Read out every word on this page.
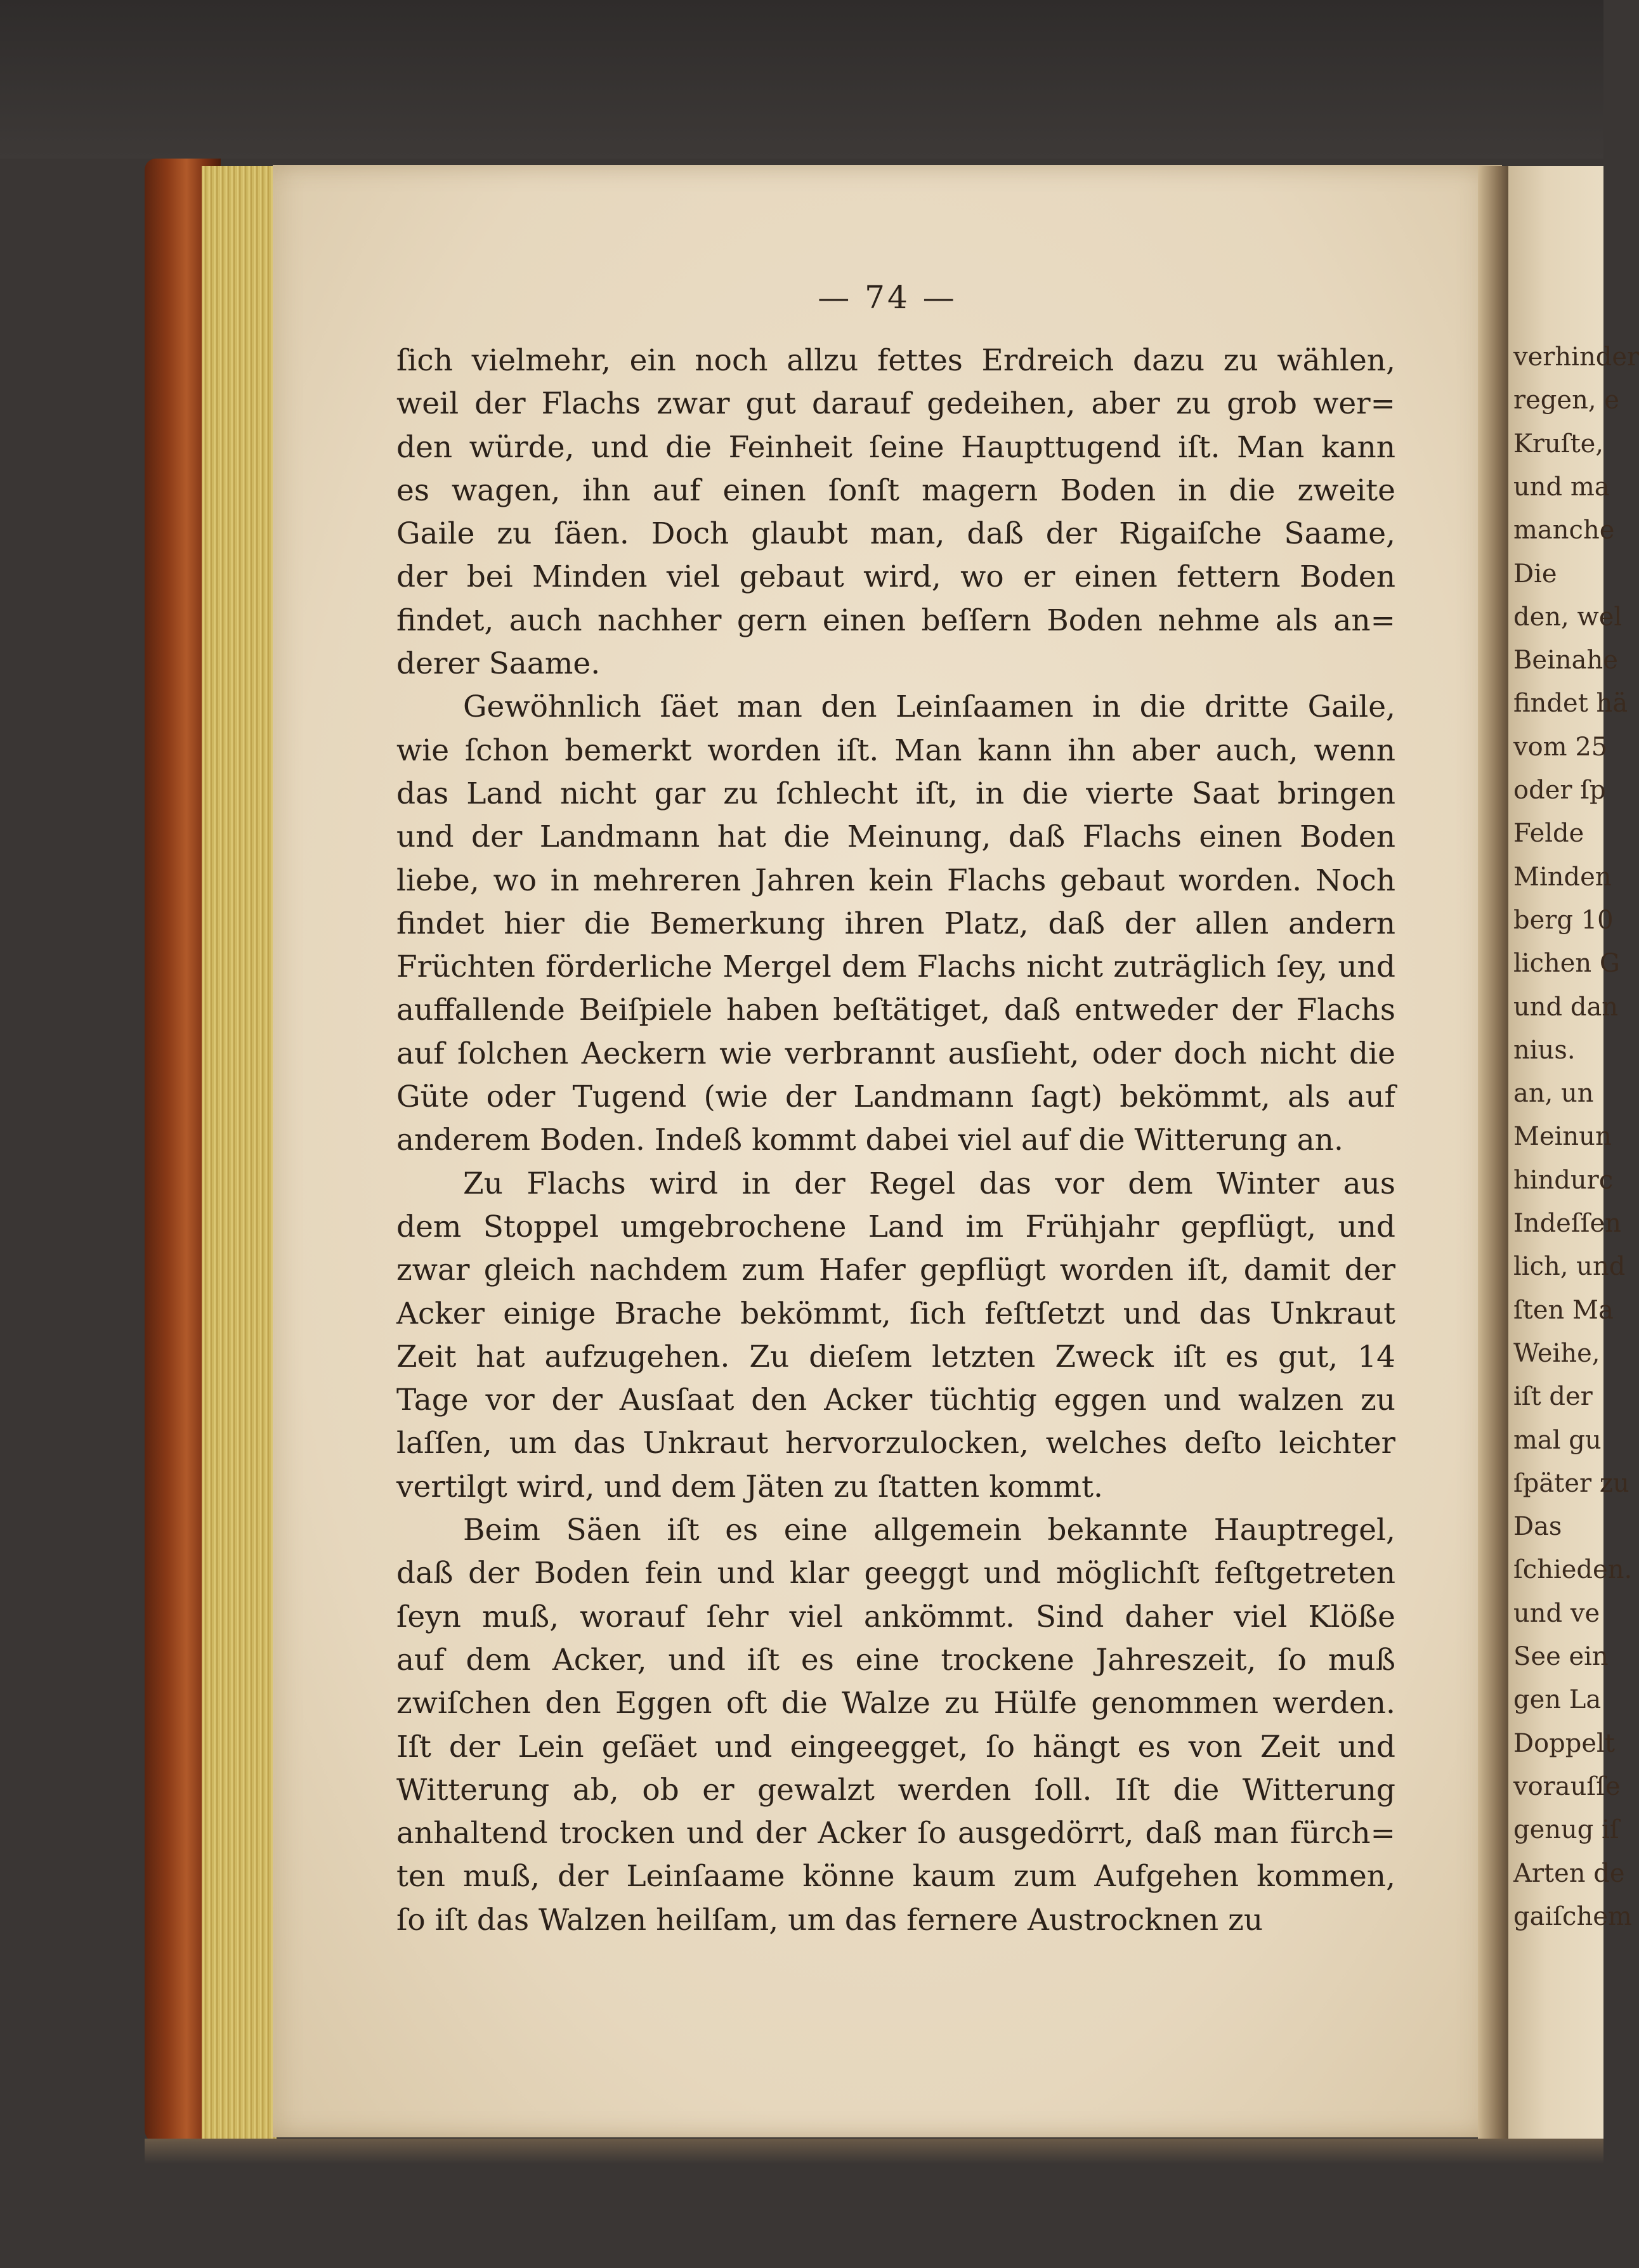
— 74 —
ſich vielmehr, ein noch allzu fettes Erdreich dazu zu wählen,
weil der Flachs zwar gut darauf gedeihen, aber zu grob wer=
den würde, und die Feinheit ſeine Haupttugend iſt. Man kann
es wagen, ihn auf einen ſonſt magern Boden in die zweite
Gaile zu ſäen. Doch glaubt man, daß der Rigaiſche Saame,
der bei Minden viel gebaut wird, wo er einen fettern Boden
findet, auch nachher gern einen beſſern Boden nehme als an=
derer Saame.
Gewöhnlich ſäet man den Leinſaamen in die dritte Gaile,
wie ſchon bemerkt worden iſt. Man kann ihn aber auch, wenn
das Land nicht gar zu ſchlecht iſt, in die vierte Saat bringen
und der Landmann hat die Meinung, daß Flachs einen Boden
liebe, wo in mehreren Jahren kein Flachs gebaut worden. Noch
findet hier die Bemerkung ihren Platz, daß der allen andern
Früchten förderliche Mergel dem Flachs nicht zuträglich ſey, und
auffallende Beiſpiele haben beſtätiget, daß entweder der Flachs
auf ſolchen Aeckern wie verbrannt ausſieht, oder doch nicht die
Güte oder Tugend (wie der Landmann ſagt) bekömmt, als auf
anderem Boden. Indeß kommt dabei viel auf die Witterung an.
Zu Flachs wird in der Regel das vor dem Winter aus
dem Stoppel umgebrochene Land im Frühjahr gepflügt, und
zwar gleich nachdem zum Hafer gepflügt worden iſt, damit der
Acker einige Brache bekömmt, ſich feſtſetzt und das Unkraut
Zeit hat aufzugehen. Zu dieſem letzten Zweck iſt es gut, 14
Tage vor der Ausſaat den Acker tüchtig eggen und walzen zu
laſſen, um das Unkraut hervorzulocken, welches deſto leichter
vertilgt wird, und dem Jäten zu ſtatten kommt.
Beim Säen iſt es eine allgemein bekannte Hauptregel,
daß der Boden fein und klar geeggt und möglichſt feſtgetreten
ſeyn muß, worauf ſehr viel ankömmt. Sind daher viel Klöße
auf dem Acker, und iſt es eine trockene Jahreszeit, ſo muß
zwiſchen den Eggen oft die Walze zu Hülfe genommen werden.
Iſt der Lein geſäet und eingeegget, ſo hängt es von Zeit und
Witterung ab, ob er gewalzt werden ſoll. Iſt die Witterung
anhaltend trocken und der Acker ſo ausgedörrt, daß man fürch=
ten muß, der Leinſaame könne kaum zum Aufgehen kommen,
ſo iſt das Walzen heilſam, um das fernere Austrocknen zu
verhinder
regen, e
Kruſte,
und ma
manche
Die
den, wel
Beinahe
findet hä
vom 25
oder ſp
Felde
Minden
berg 10
lichen G
und dan
nius.
an, un
Meinun
hindurc
Indeſſen
lich, und
ſten Ma
Weihe,
iſt der
mal gu
ſpäter zu
Das
ſchieden.
und ve
See ein
gen La
Doppelt
vorauſſe
genug iſ
Arten de
gaiſchem
